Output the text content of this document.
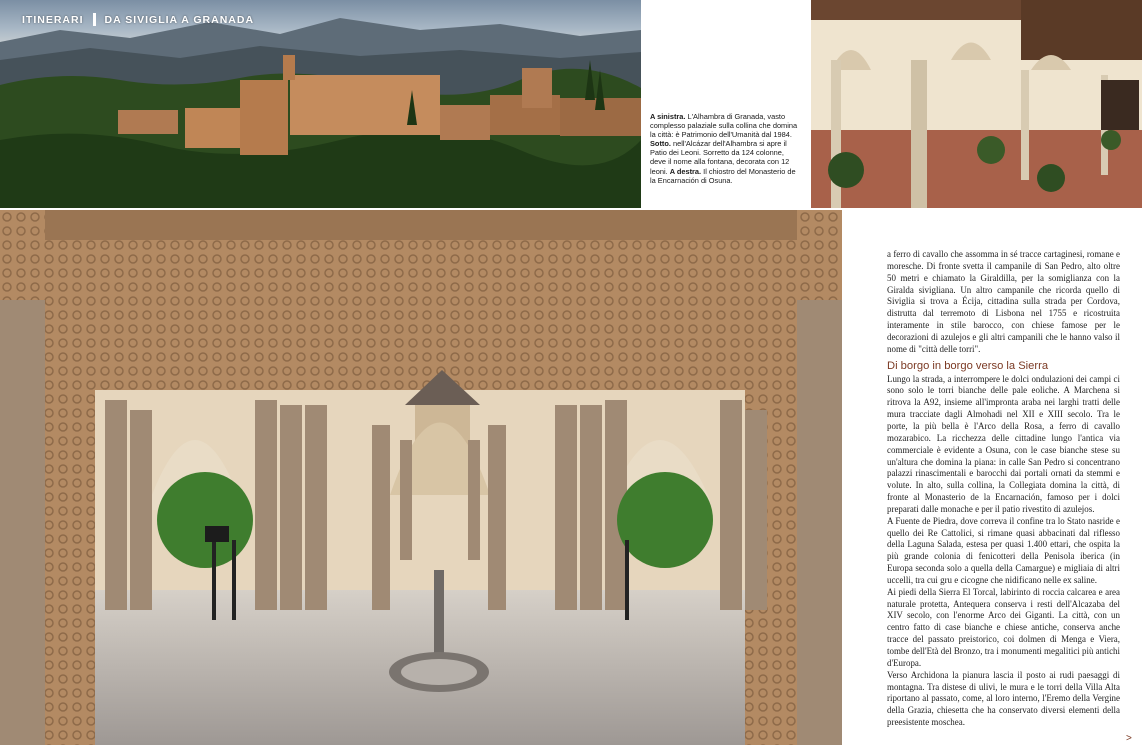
ITINERARI DA SIVIGLIA A GRANADA
A sinistra. L'Alhambra di Granada, vasto complesso palaziale sulla collina che domina la città: è Patrimonio dell'Umanità dal 1984. Sotto. nell'Alcázar dell'Alhambra si apre il Patio dei Leoni. Sorretto da 124 colonne, deve il nome alla fontana, decorata con 12 leoni. A destra. Il chiostro del Monasterio de la Encarnación di Osuna.

a ferro di cavallo che assomma in sé tracce cartaginesi, romane e moresche. Di fronte svetta il campanile di San Pedro, alto oltre 50 metri e chiamato la Giraldilla, per la somiglianza con la Giralda sivigliana. Un altro campanile che ricorda quello di Siviglia si trova a Écija, cittadina sulla strada per Cordova, distrutta dal terremoto di Lisbona nel 1755 e ricostruita interamente in stile barocco, con chiese famose per le decorazioni di azulejos e gli altri campanili che le hanno valso il nome di "città delle torri".

Di borgo in borgo verso la Sierra

Lungo la strada, a interrompere le dolci ondulazioni dei campi ci sono solo le torri bianche delle pale eoliche. A Marchena si ritrova la A92, insieme all'impronta araba nei larghi tratti delle mura tracciate dagli Almohadi nel XII e XIII secolo. Tra le porte, la più bella è l'Arco della Rosa, a ferro di cavallo mozarabico. La ricchezza delle cittadine lungo l'antica via commerciale è evidente a Osuna, con le case bianche stese su un'altura che domina la piana: in calle San Pedro si concentrano palazzi rinascimentali e barocchi dai portali ornati da stemmi e volute. In alto, sulla collina, la Collegiata domina la città, di fronte al Monasterio de la Encarnación, famoso per i dolci preparati dalle monache e per il patio rivestito di azulejos.

A Fuente de Piedra, dove correva il confine tra lo Stato nasride e quello dei Re Cattolici, si rimane quasi abbacinati dal riflesso della Laguna Salada, estesa per quasi 1.400 ettari, che ospita la più grande colonia di fenicotteri della Penisola iberica (in Europa seconda solo a quella della Camargue) e migliaia di altri uccelli, tra cui gru e cicogne che nidificano nelle ex saline.

Ai piedi della Sierra El Torcal, labirinto di roccia calcarea e area naturale protetta, Antequera conserva i resti dell'Alcazaba del XIV secolo, con l'enorme Arco dei Giganti. La città, con un centro fatto di case bianche e chiese antiche, conserva anche tracce del passato preistorico, coi dolmen di Menga e Viera, tombe dell'Età del Bronzo, tra i monumenti megalitici più antichi d'Europa.

Verso Archidona la pianura lascia il posto ai rudi paesaggi di montagna. Tra distese di ulivi, le mura e le torri della Villa Alta riportano al passato, come, al loro interno, l'Eremo della Vergine della Grazia, chiesetta che ha conservato diversi elementi della preesistente moschea.

>
